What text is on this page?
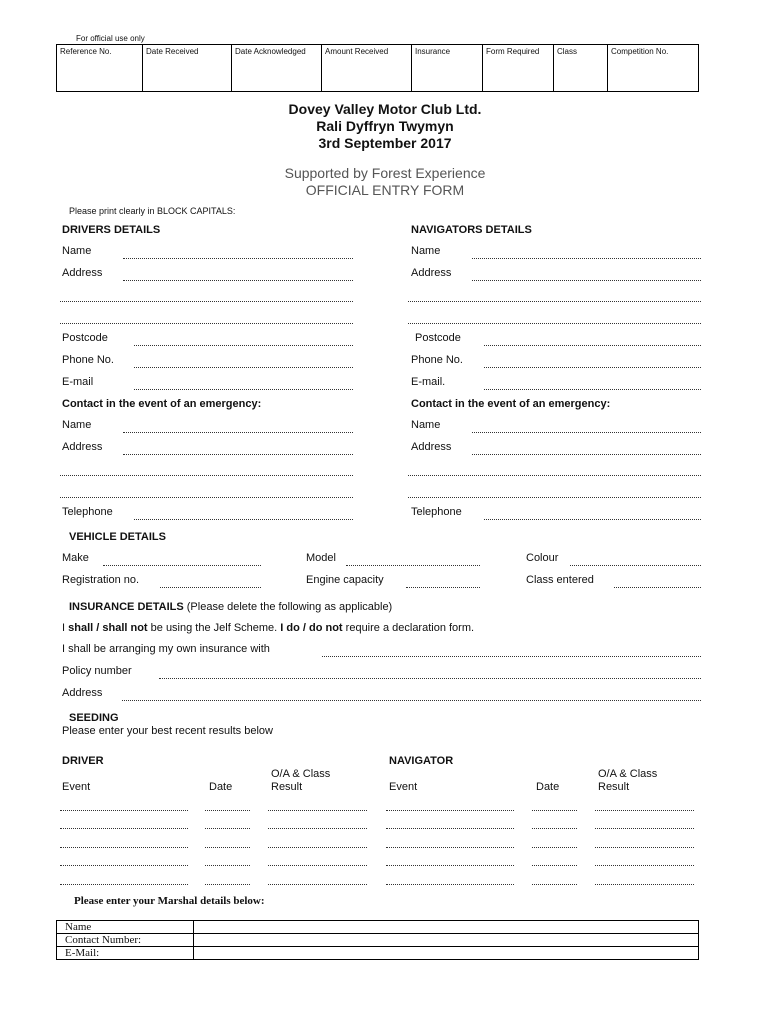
For official use only
Reference No.	Date Received	Date Acknowledged	Amount Received	Insurance	Form Required	Class	Competition No.
Dovey Valley Motor Club Ltd.
Rali Dyffryn Twymyn
3rd September 2017
Supported by Forest Experience
OFFICIAL ENTRY FORM
Please print clearly in BLOCK CAPITALS:
DRIVERS DETAILS
Name
Address
Postcode
Phone No.
E-mail
Contact in the event of an emergency:
Name
Address
Telephone
NAVIGATORS DETAILS
Name
Address
Postcode
Phone No.
E-mail.
Contact in the event of an emergency:
Name
Address
Telephone
VEHICLE DETAILS
Make	Model	Colour
Registration no.	Engine capacity	Class entered
INSURANCE DETAILS (Please delete the following as applicable)
I shall / shall not be using the Jelf Scheme. I do / do not require a declaration form.
I shall be arranging my own insurance with
Policy number
Address
SEEDING
Please enter your best recent results below
DRIVER
Event	Date
O/A & Class
Result
NAVIGATOR
Event	Date
O/A & Class
Result
Please enter your Marshal details below:
Name	
Contact Number:	
E-Mail:	
